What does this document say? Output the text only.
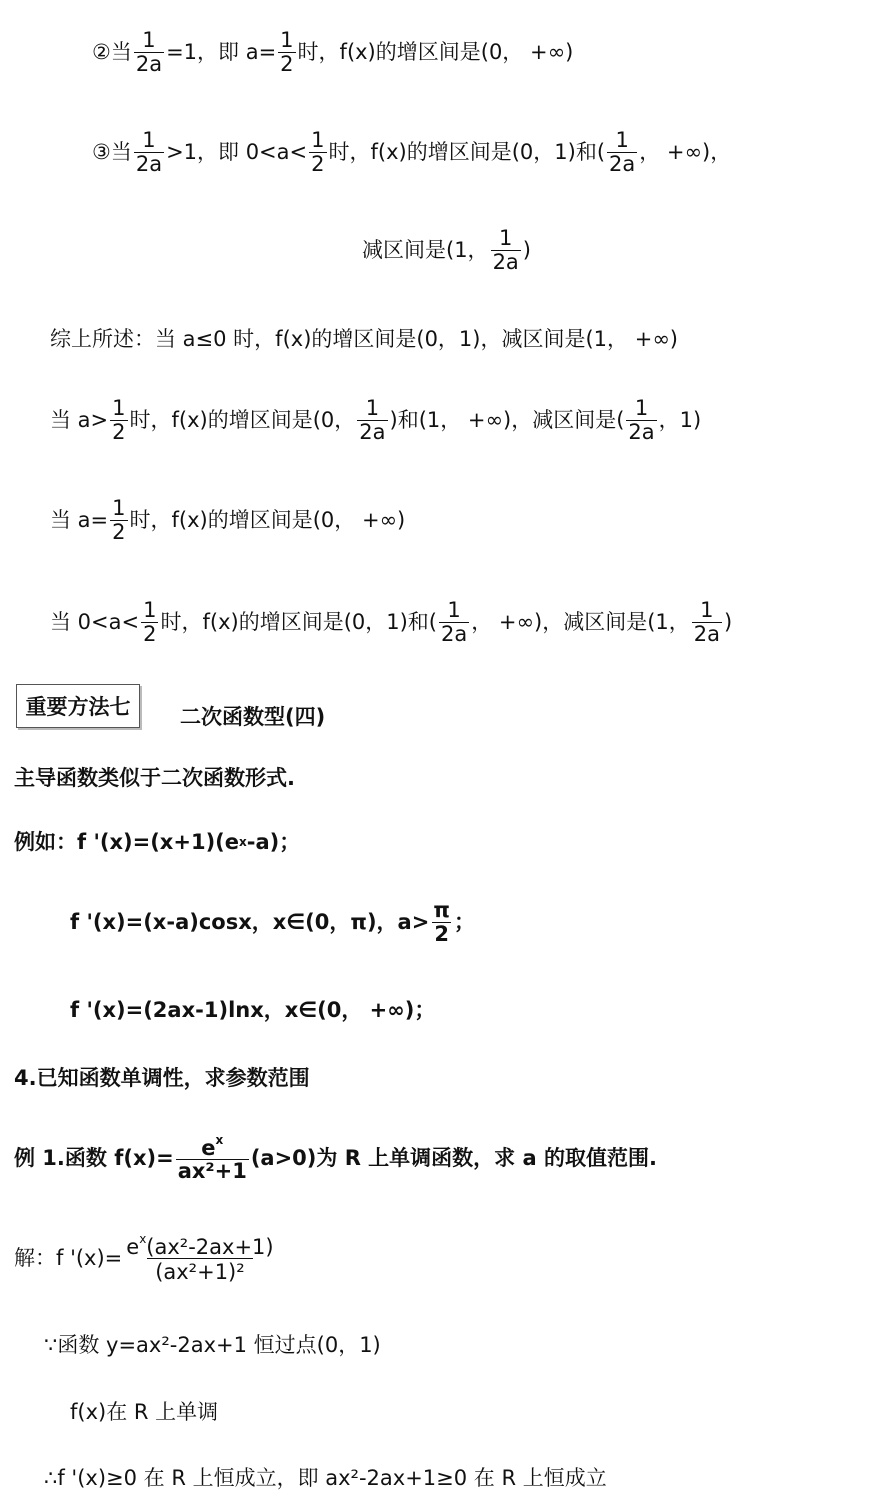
重要方法七
②当 $\frac{1}{2a} =1$，即 $a= \frac{1}{2}$ 时，f(x)的增区间是(0， +∞)
③当 $\frac{1}{2a} >1$，即 $0<a< \frac{1}{2}$ 时，f(x)的增区间是(0，1)和( $\frac{1}{2a}$ ， +∞)，
减区间是(1， $\frac{1}{2a}$ )
综上所述：当 a≤0 时，f(x)的增区间是(0，1)，减区间是(1， +∞)
当 $a> \frac{1}{2}$ 时，f(x)的增区间是(0， $\frac{1}{2a}$ )和(1， +∞)，减区间是( $\frac{1}{2a}$ ，1)
当 $a= \frac{1}{2}$ 时，f(x)的增区间是(0， +∞)
当 $0<a< \frac{1}{2}$ 时，f(x)的增区间是(0，1)和( $\frac{1}{2a}$ ， +∞)，减区间是(1， $\frac{1}{2a}$ )
二次函数型(四)
主导函数类似于二次函数形式.
例如：f '(x)=(x+1)(e x -a)；
f '(x)=(x-a)cosx，x∈(0，π)，$a> \frac{\pi}{2}$ ；
f '(x)=(2ax-1)lnx，x∈(0， +∞)；
4.已知函数单调性，求参数范围
例 1.函数 $f(x)= \frac{e^x}{\text{ax²+1}} (a>0)$为 R 上单调函数，求 a 的取值范围.
解：f '$(x)= \frac{e^x(ax^2-2ax+1)}{\text{(ax²+1)²}}$
∵函数 y=ax²-2ax+1 恒过点(0，1)
f(x)在 R 上单调
∴f '(x)≥0 在 R 上恒成立，即 ax²-2ax+1≥0 在 R 上恒成立
